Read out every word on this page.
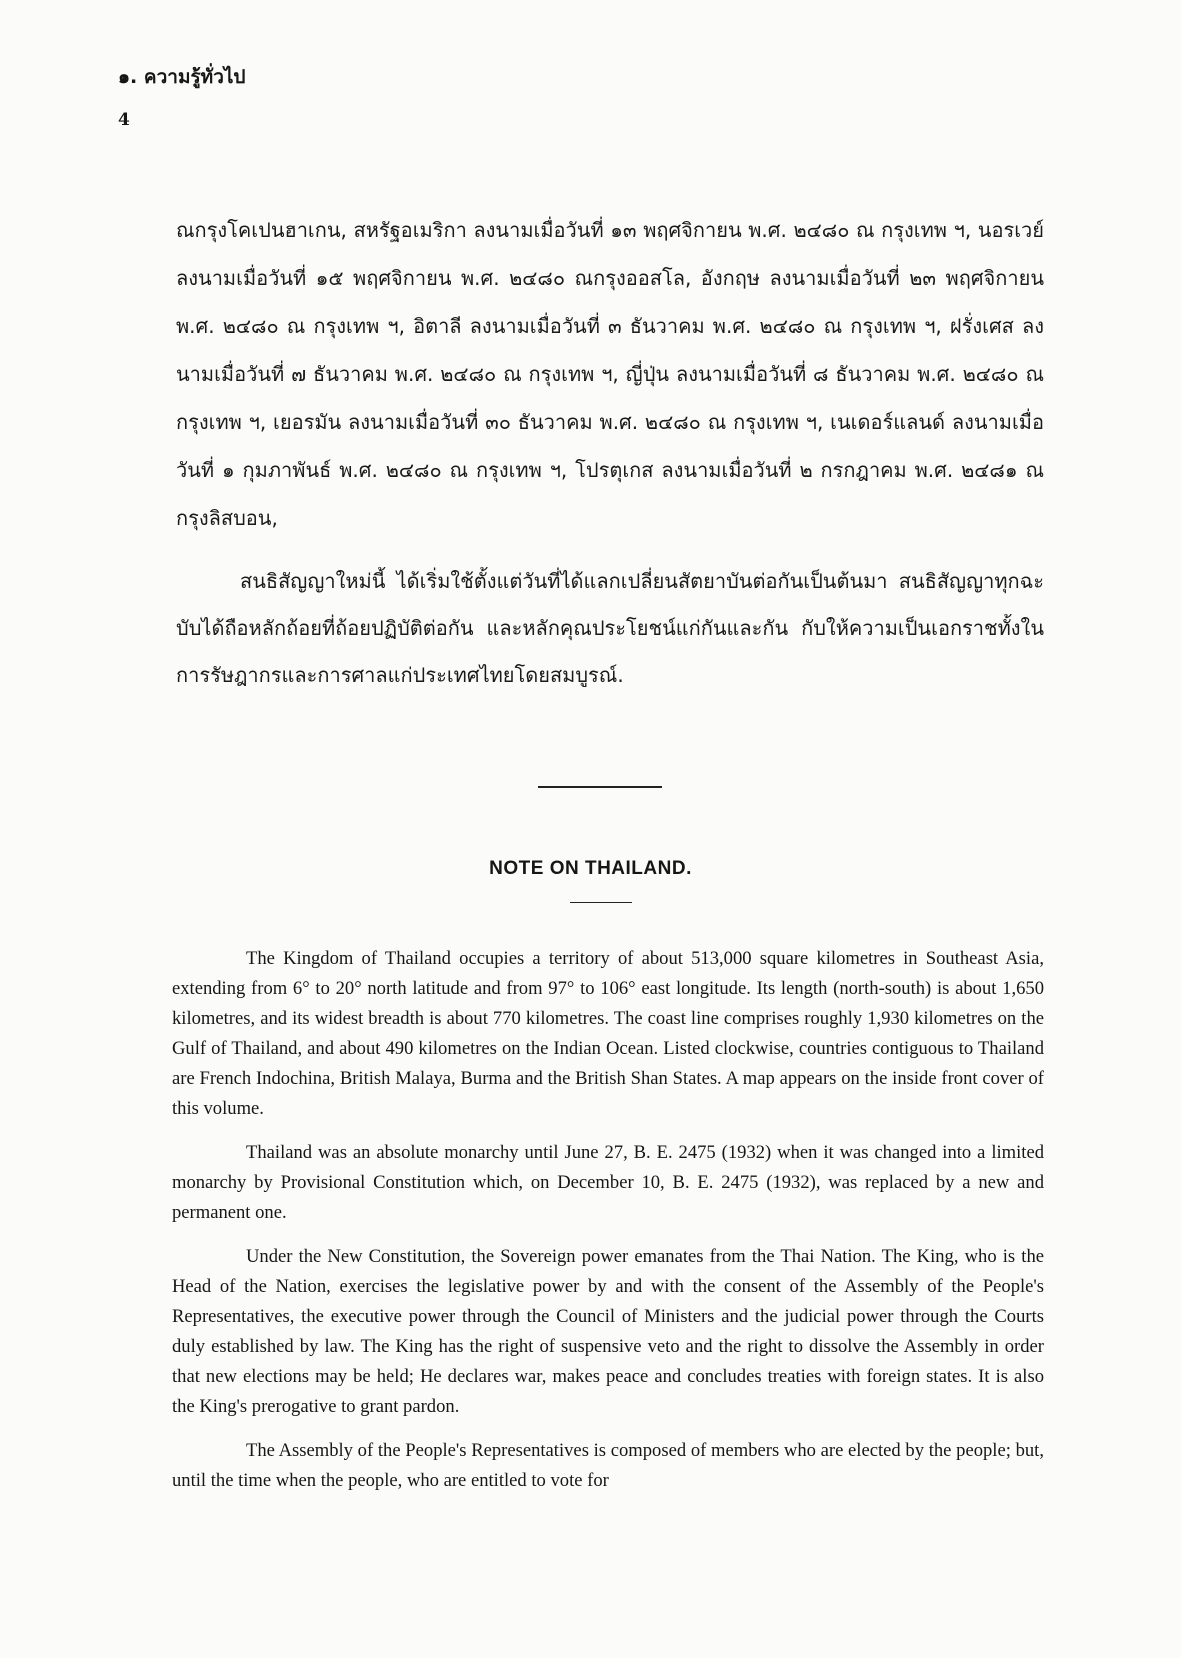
๑. ความรู้ทั่วไป
4

ณกรุงโคเปนฮาเกน, สหรัฐอเมริกา ลงนามเมื่อวันที่ ๑๓ พฤศจิกายน พ.ศ. ๒๔๘๐ ณ กรุงเทพ ฯ, นอรเวย์ ลงนามเมื่อวันที่ ๑๕ พฤศจิกายน พ.ศ. ๒๔๘๐ ณกรุงออสโล, อังกฤษ ลงนามเมื่อวันที่ ๒๓ พฤศจิกายน พ.ศ. ๒๔๘๐ ณ กรุงเทพ ฯ, อิตาลี ลงนามเมื่อวันที่ ๓ ธันวาคม พ.ศ. ๒๔๘๐ ณ กรุงเทพ ฯ, ฝรั่งเศส ลงนามเมื่อวันที่ ๗ ธันวาคม พ.ศ. ๒๔๘๐ ณ กรุงเทพ ฯ, ญี่ปุ่น ลงนามเมื่อวันที่ ๘ ธันวาคม พ.ศ. ๒๔๘๐ ณ กรุงเทพ ฯ, เยอรมัน ลงนามเมื่อวันที่ ๓๐ ธันวาคม พ.ศ. ๒๔๘๐ ณ กรุงเทพ ฯ, เนเดอร์แลนด์ ลงนามเมื่อวันที่ ๑ กุมภาพันธ์ พ.ศ. ๒๔๘๐ ณ กรุงเทพ ฯ, โปรตุเกส ลงนามเมื่อวันที่ ๒ กรกฎาคม พ.ศ. ๒๔๘๑ ณ กรุงลิสบอน,

สนธิสัญญาใหม่นี้ ได้เริ่มใช้ตั้งแต่วันที่ได้แลกเปลี่ยนสัตยาบันต่อกันเป็นต้นมา สนธิสัญญาทุกฉะบับได้ถือหลักถ้อยที่ถ้อยปฏิบัติต่อกัน และหลักคุณประโยชน์แก่กันและกัน กับให้ความเป็นเอกราชทั้งในการรัษฎากรและการศาลแก่ประเทศไทยโดยสมบูรณ์.

NOTE ON THAILAND.

The Kingdom of Thailand occupies a territory of about 513,000 square kilometres in Southeast Asia, extending from 6° to 20° north latitude and from 97° to 106° east longitude. Its length (north-south) is about 1,650 kilometres, and its widest breadth is about 770 kilometres. The coast line comprises roughly 1,930 kilometres on the Gulf of Thailand, and about 490 kilometres on the Indian Ocean. Listed clockwise, countries contiguous to Thailand are French Indochina, British Malaya, Burma and the British Shan States. A map appears on the inside front cover of this volume.

Thailand was an absolute monarchy until June 27, B. E. 2475 (1932) when it was changed into a limited monarchy by Provisional Constitution which, on December 10, B. E. 2475 (1932), was replaced by a new and permanent one.

Under the New Constitution, the Sovereign power emanates from the Thai Nation. The King, who is the Head of the Nation, exercises the legislative power by and with the consent of the Assembly of the People's Representatives, the executive power through the Council of Ministers and the judicial power through the Courts duly established by law. The King has the right of suspensive veto and the right to dissolve the Assembly in order that new elections may be held; He declares war, makes peace and concludes treaties with foreign states. It is also the King's prerogative to grant pardon.

The Assembly of the People's Representatives is composed of members who are elected by the people; but, until the time when the people, who are entitled to vote for
